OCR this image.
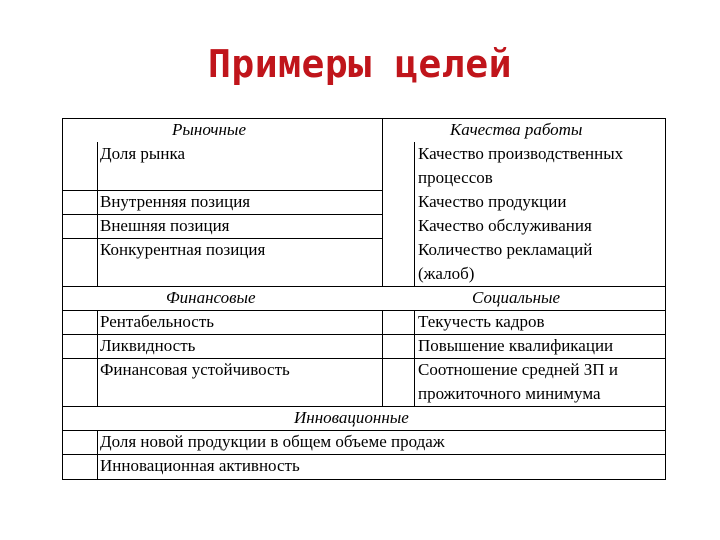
Примеры целей
Рыночные
Доля рынка
Внутренняя позиция
Внешняя позиция
Конкурентная позиция
Качества работы
Качество производственных
процессов
Качество продукции
Качество обслуживания
Количество рекламаций
(жалоб)
Финансовые
Рентабельность
Ликвидность
Финансовая устойчивость
Социальные
Текучесть кадров
Повышение квалификации
Соотношение средней ЗП и
прожиточного минимума
Инновационные
Доля новой продукции в общем объеме продаж
Инновационная активность
